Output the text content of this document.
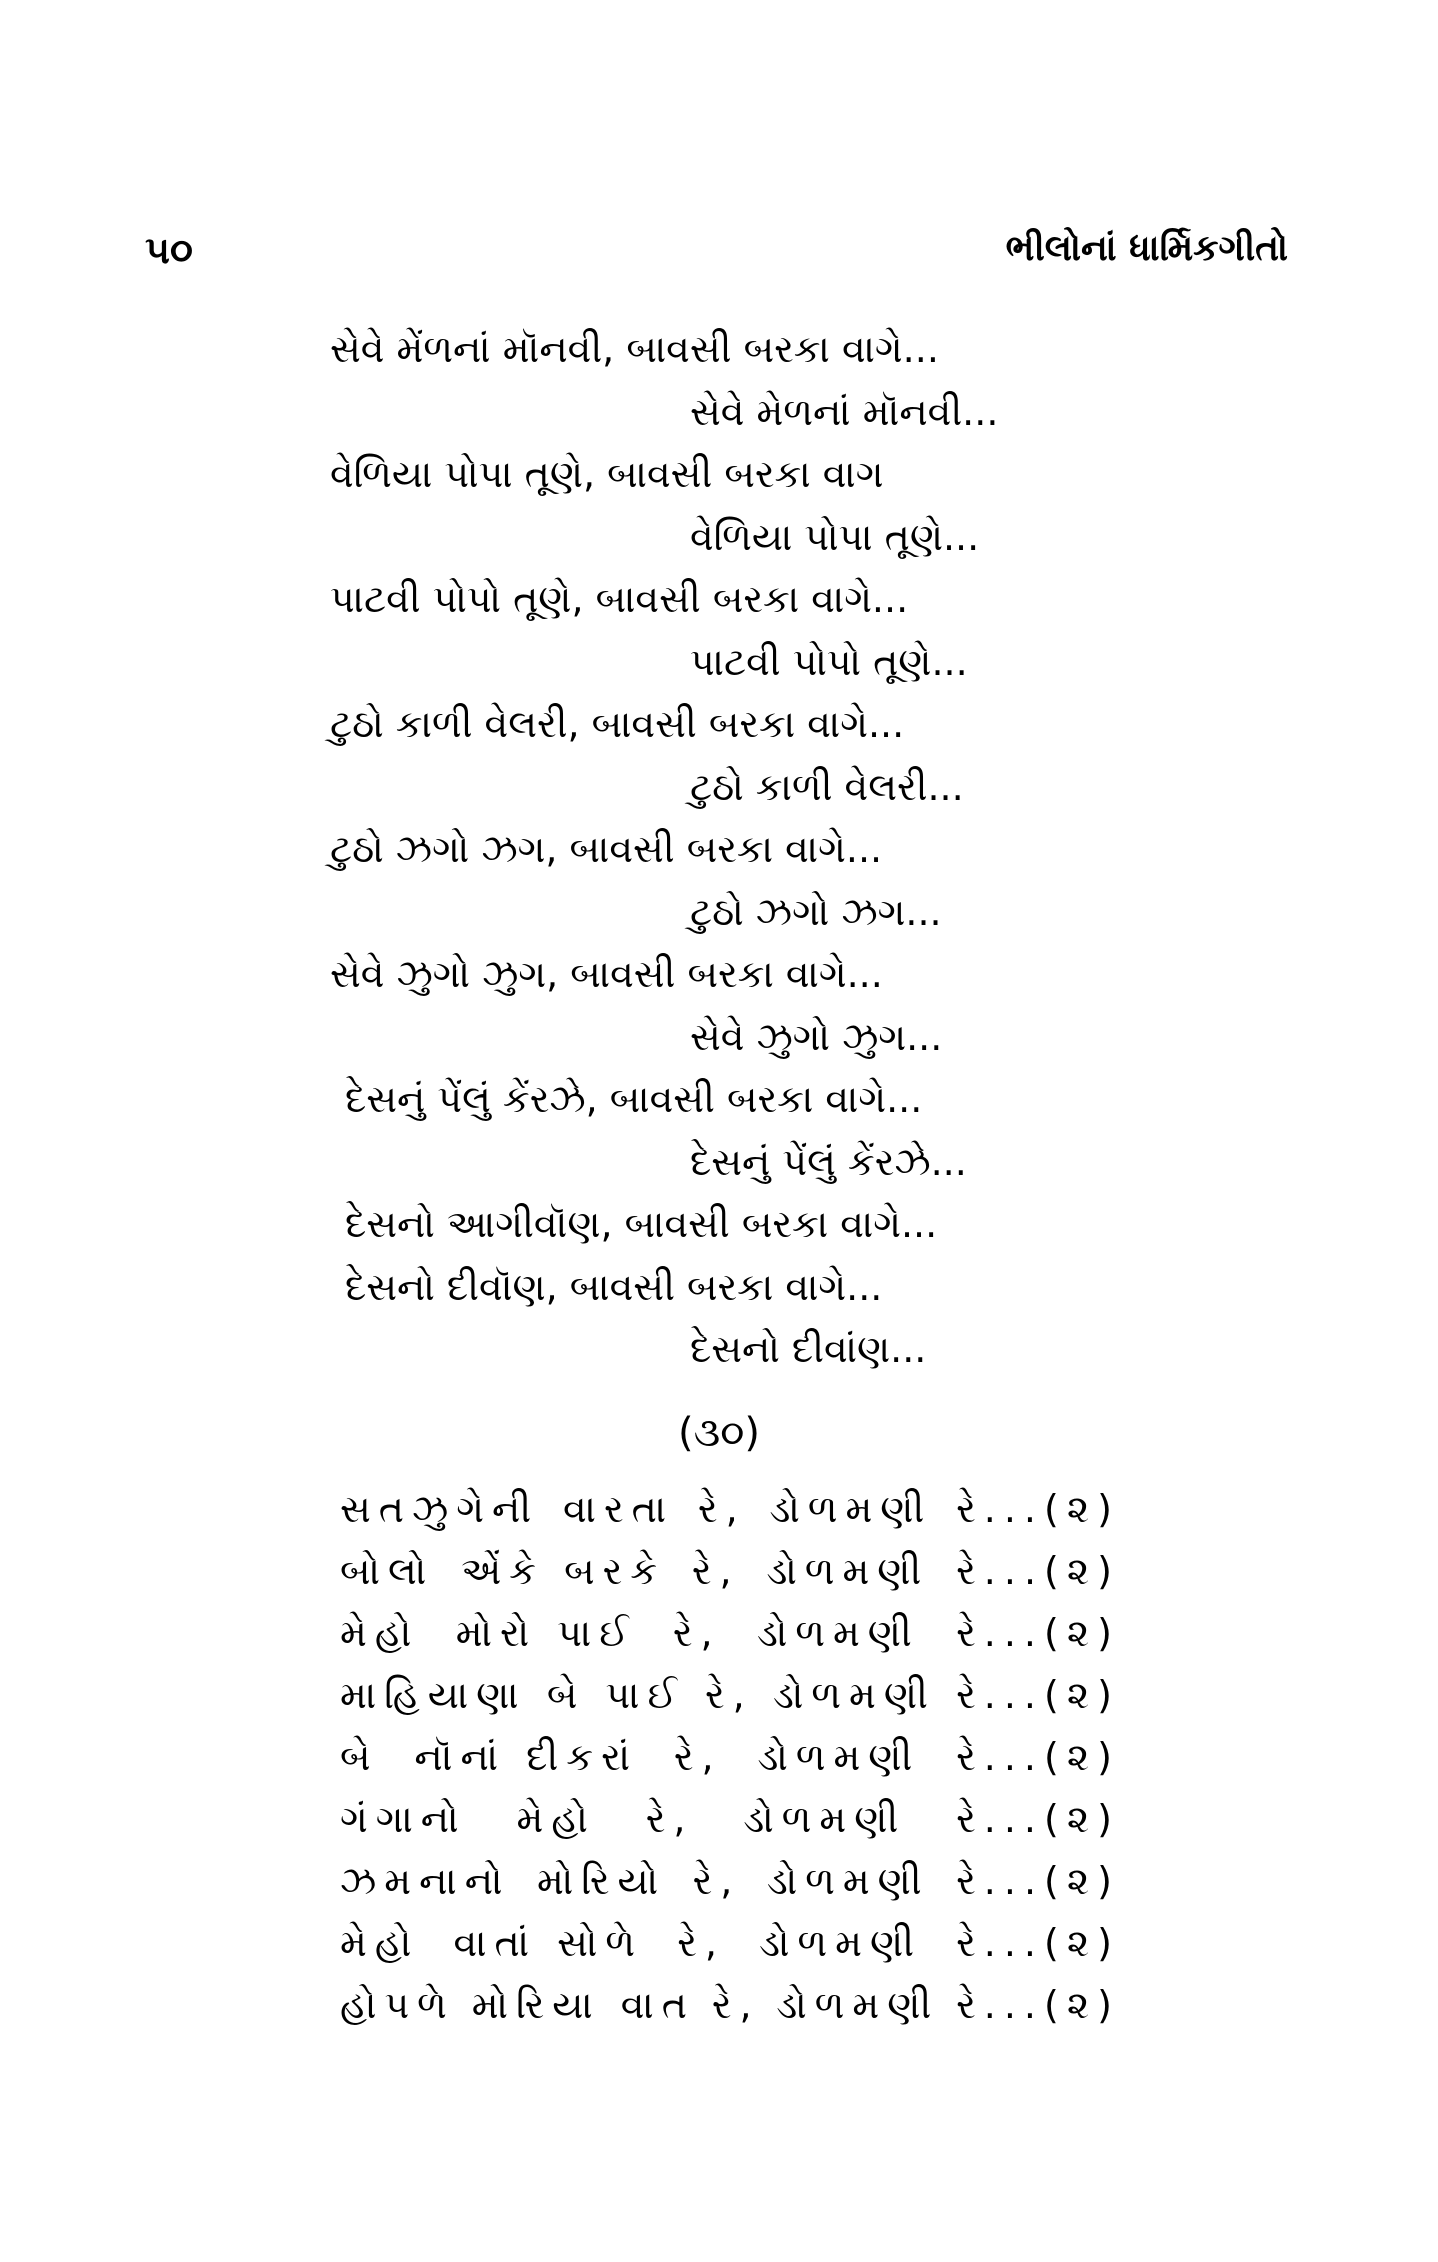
૫૦	ભીલોનાં ધાર્મિકગીતો
સેવે મેંળનાં મૉનવી, બાવસી બરકા વાગે...
સેવે મેળનાં મૉનવી...
વેળિયા પોપા તૂણે, બાવસી બરકા વાગ
વેળિયા પોપા તૂણે...
પાટવી પોપો તૂણે, બાવસી બરકા વાગે...
પાટવી પોપો તૂણે...
ટુઠો કાળી વેલરી, બાવસી બરકા વાગે...
ટુઠો કાળી વેલરી...
ટુઠો ઝગો ઝગ, બાવસી બરકા વાગે...
ટુઠો ઝગો ઝગ...
સેવે ઝુગો ઝુગ, બાવસી બરકા વાગે...
સેવે ઝુગો ઝુગ...
દેસનું પેંલું કેંરઝે, બાવસી બરકા વાગે...
દેસનું પેંલું કેંરઝે...
દેસનો આગીવૉણ, બાવસી બરકા વાગે...
દેસનો દીવૉણ, બાવસી બરકા વાગે...
દેસનો દીવાંણ...
(૩૦)
સતઝુગેની વારતા રે, ડોળમણી રે...(૨)
બોલો એંકે બરકે રે, ડોળમણી રે...(૨)
મેહો મોરો પાઈ રે, ડોળમણી રે...(૨)
માહિયાણા બે પાઈ રે, ડોળમણી રે...(૨)
બે નૉનાં દીકરાં રે, ડોળમણી રે...(૨)
ગંગાનો મેહો રે, ડોળમણી રે...(૨)
ઝમનાનો મોરિયો રે, ડોળમણી રે...(૨)
મેહો વાતાં સોળે રે, ડોળમણી રે...(૨)
હોપળે મોરિયા વાત રે, ડોળમણી રે...(૨)
